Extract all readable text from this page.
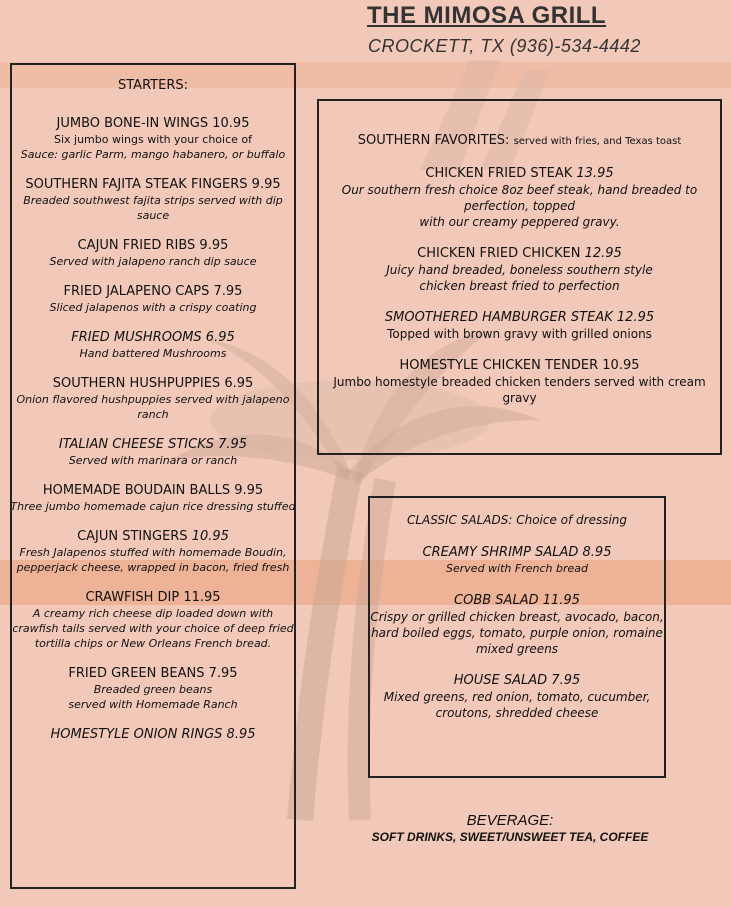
THE MIMOSA GRILL
CROCKETT, TX (936)-534-4442
STARTERS:
JUMBO BONE-IN WINGS 10.95
Six jumbo wings with your choice of
Sauce: garlic Parm, mango habanero, or buffalo
SOUTHERN FAJITA STEAK FINGERS 9.95
Breaded southwest fajita strips served with dip sauce
CAJUN FRIED RIBS 9.95
Served with jalapeno ranch dip sauce
FRIED JALAPENO CAPS 7.95
Sliced jalapenos with a crispy coating
FRIED MUSHROOMS 6.95
Hand battered Mushrooms
SOUTHERN HUSHPUPPIES 6.95
Onion flavored hushpuppies served with jalapeno ranch
ITALIAN CHEESE STICKS 7.95
Served with marinara or ranch
HOMEMADE BOUDAIN BALLS 9.95
Three jumbo homemade cajun rice dressing stuffed
CAJUN STINGERS 10.95
Fresh Jalapenos stuffed with homemade Boudin, pepperjack cheese, wrapped in bacon, fried fresh
CRAWFISH DIP 11.95
A creamy rich cheese dip loaded down with crawfish tails served with your choice of deep fried tortilla chips or New Orleans French bread.
FRIED GREEN BEANS 7.95
Breaded green beans
served with Homemade Ranch
HOMESTYLE ONION RINGS 8.95
SOUTHERN FAVORITES: served with fries, and Texas toast
CHICKEN FRIED STEAK 13.95
Our southern fresh choice 8oz beef steak, hand breaded to perfection, topped
with our creamy peppered gravy.
CHICKEN FRIED CHICKEN 12.95
Juicy hand breaded, boneless southern style
chicken breast fried to perfection
SMOOTHERED HAMBURGER STEAK 12.95
Topped with brown gravy with grilled onions
HOMESTYLE CHICKEN TENDER 10.95
Jumbo homestyle breaded chicken tenders served with cream gravy
CLASSIC SALADS: Choice of dressing
CREAMY SHRIMP SALAD 8.95
Served with French bread
COBB SALAD 11.95
Crispy or grilled chicken breast, avocado, bacon, hard boiled eggs, tomato, purple onion, romaine mixed greens
HOUSE SALAD 7.95
Mixed greens, red onion, tomato, cucumber, croutons, shredded cheese
BEVERAGE:
SOFT DRINKS, SWEET/UNSWEET TEA, COFFEE
